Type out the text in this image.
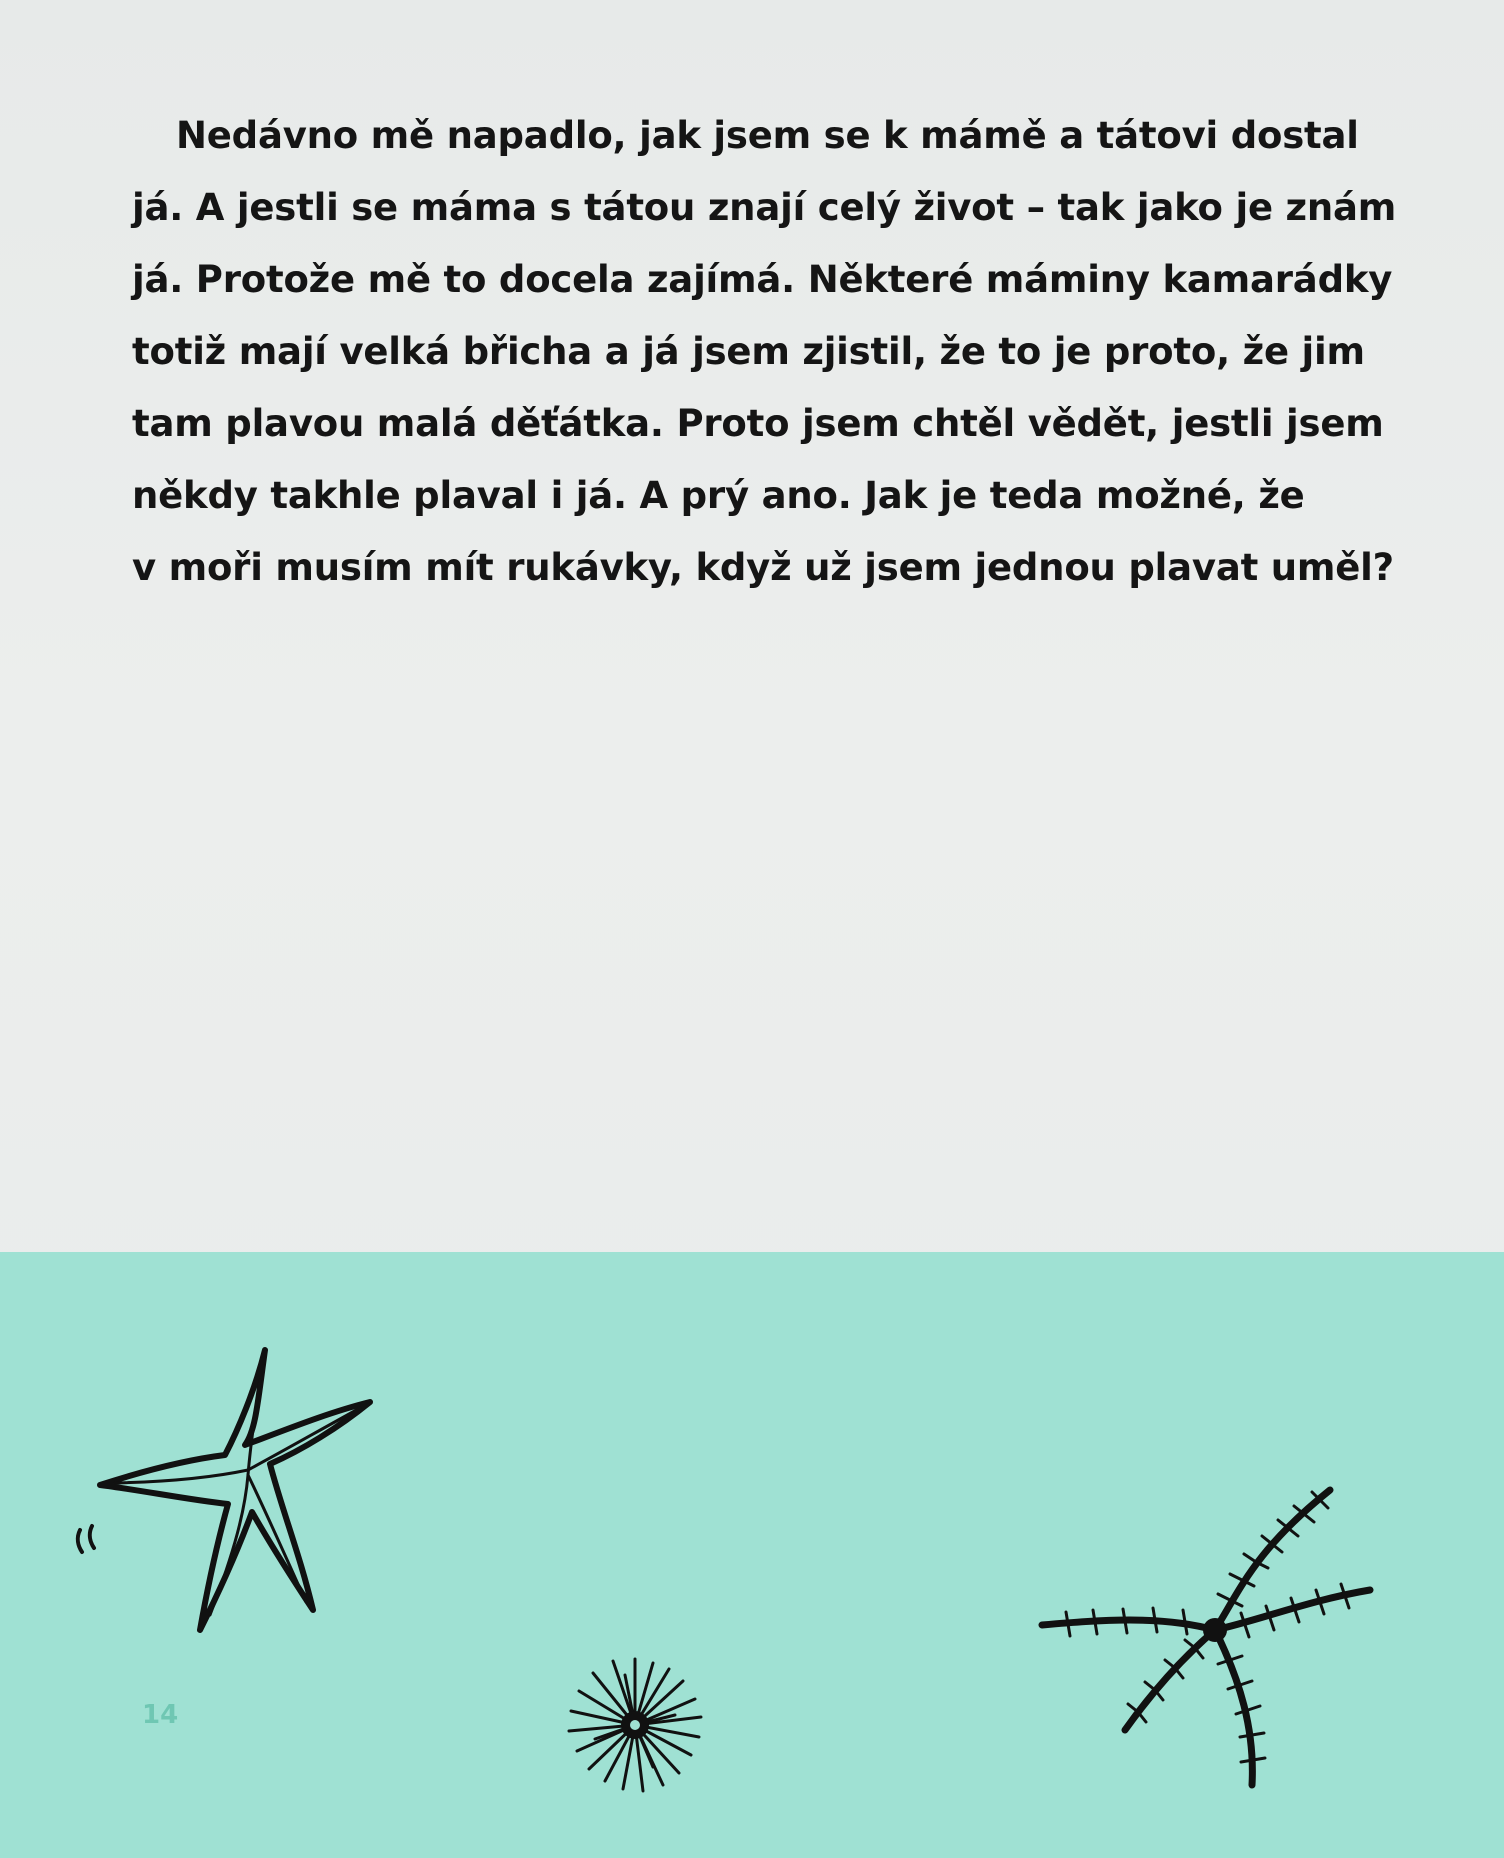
Nedávno mě napadlo, jak jsem se k mámě a tátovi dostal
já. A jestli se máma s tátou znají celý život – tak jako je znám
já. Protože mě to docela zajímá. Některé máminy kamarádky
totiž mají velká břicha a já jsem zjistil, že to je proto, že jim
tam plavou malá děťátka. Proto jsem chtěl vědět, jestli jsem
někdy takhle plaval i já. A prý ano. Jak je teda možné, že
v moři musím mít rukávky, když už jsem jednou plavat uměl?
14
